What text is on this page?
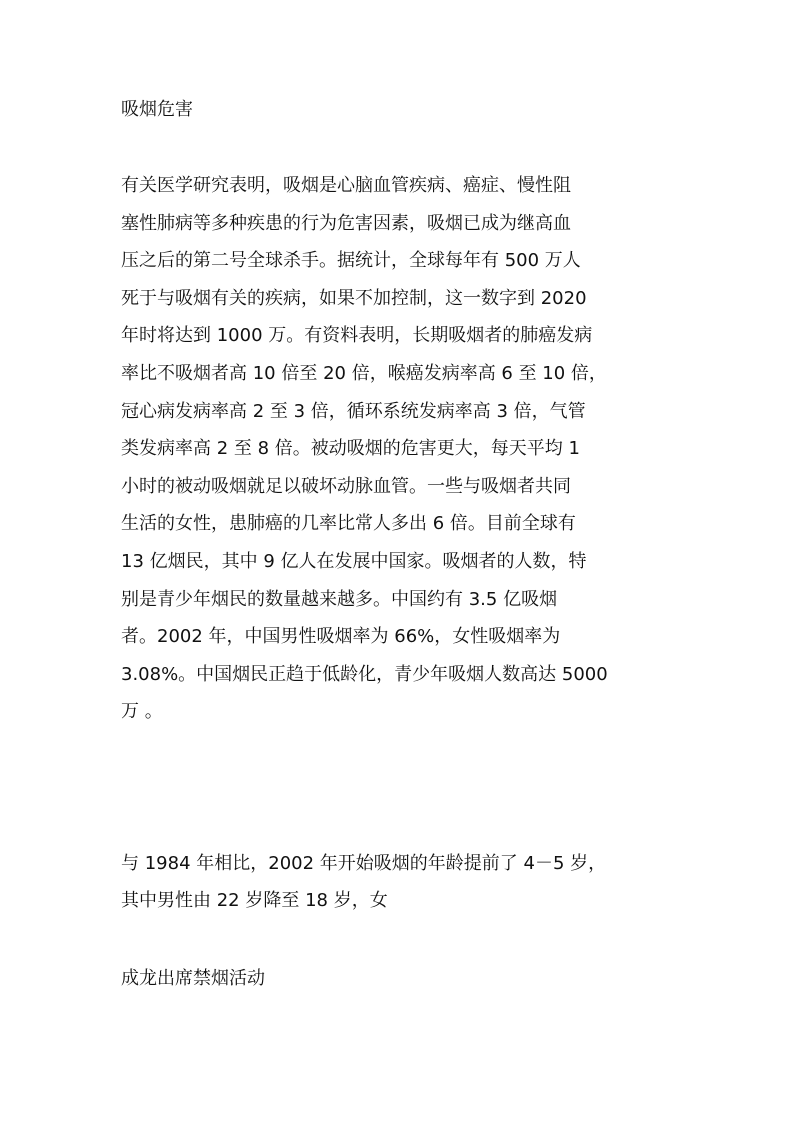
吸烟危害
有关医学研究表明，吸烟是心脑血管疾病、癌症、慢性阻
塞性肺病等多种疾患的行为危害因素，吸烟已成为继高血
压之后的第二号全球杀手。据统计，全球每年有 500 万人
死于与吸烟有关的疾病，如果不加控制，这一数字到 2020
年时将达到 1000 万。有资料表明，长期吸烟者的肺癌发病
率比不吸烟者高 10 倍至 20 倍，喉癌发病率高 6 至 10 倍，
冠心病发病率高 2 至 3 倍，循环系统发病率高 3 倍，气管
类发病率高 2 至 8 倍。被动吸烟的危害更大，每天平均 1
小时的被动吸烟就足以破坏动脉血管。一些与吸烟者共同
生活的女性，患肺癌的几率比常人多出 6 倍。目前全球有
13 亿烟民，其中 9 亿人在发展中国家。吸烟者的人数，特
别是青少年烟民的数量越来越多。中国约有 3.5 亿吸烟
者。2002 年，中国男性吸烟率为 66%，女性吸烟率为
3.08%。中国烟民正趋于低龄化，青少年吸烟人数高达 5000
万 。
与 1984 年相比，2002 年开始吸烟的年龄提前了 4－5 岁，
其中男性由 22 岁降至 18 岁，女
成龙出席禁烟活动
